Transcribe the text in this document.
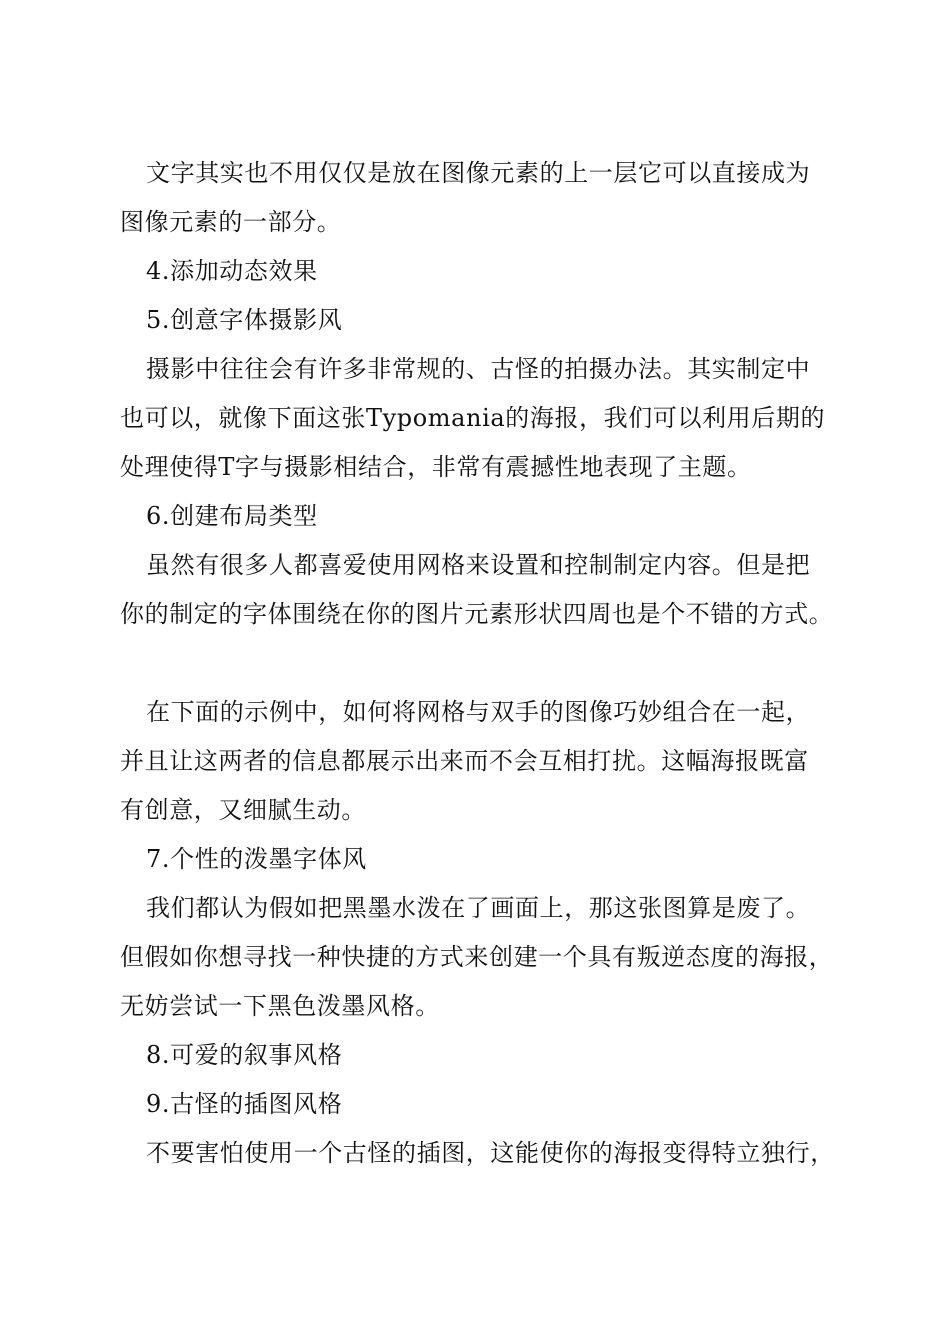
文字其实也不用仅仅是放在图像元素的上一层它可以直接成为
图像元素的一部分。
4.添加动态效果
5.创意字体摄影风
摄影中往往会有许多非常规的、古怪的拍摄办法。其实制定中
也可以，就像下面这张Typomania的海报，我们可以利用后期的
处理使得T字与摄影相结合，非常有震撼性地表现了主题。
6.创建布局类型
虽然有很多人都喜爱使用网格来设置和控制制定内容。但是把
你的制定的字体围绕在你的图片元素形状四周也是个不错的方式。
在下面的示例中，如何将网格与双手的图像巧妙组合在一起，
并且让这两者的信息都展示出来而不会互相打扰。这幅海报既富
有创意，又细腻生动。
7.个性的泼墨字体风
我们都认为假如把黑墨水泼在了画面上，那这张图算是废了。
但假如你想寻找一种快捷的方式来创建一个具有叛逆态度的海报，
无妨尝试一下黑色泼墨风格。
8.可爱的叙事风格
9.古怪的插图风格
不要害怕使用一个古怪的插图，这能使你的海报变得特立独行，
